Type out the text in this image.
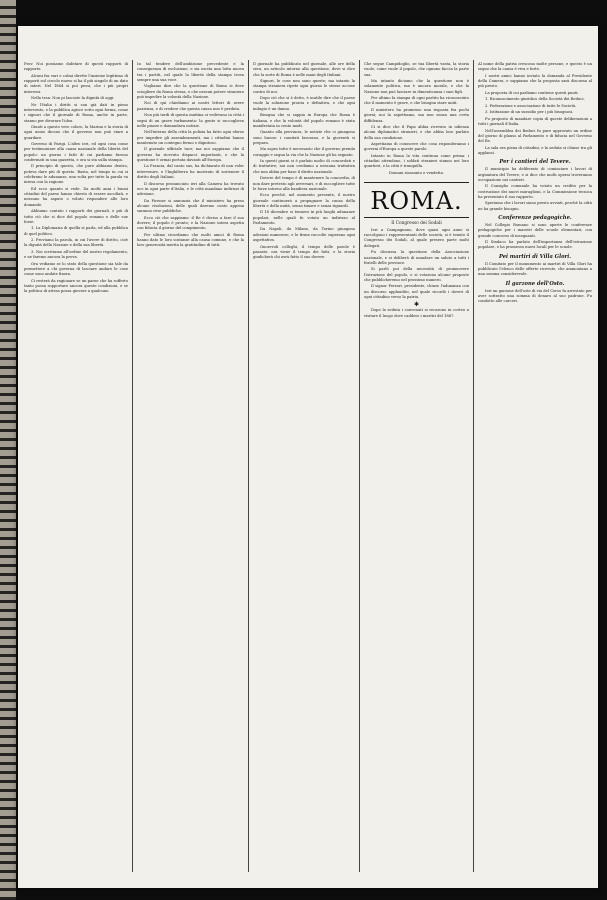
Prov. Noi possiamo dubitare di questi rapporti di rapporto.

Alcuni fra vari e colmi dirette l'insieme legittimo di rapporti sul circolo nuovo si ha il più singolo di un dato di interi. Nel 1864 si poi pessi, che i più propri interessi.

Nella tesa: Non pi lasciate la dignità di oggi.

Ne l'Italia i diritti si son già dati in pieno intervento, e la pubblica agisce sotto ogni forma, come i signori che il giornale di Roma, anche in parte, stanno per divorare l'idea.

Giunti a questo vero coloro, la Marina e la storia di ogni uomo dicono che il governo non può stare a guardare.

Governo di Parigi. L'altro ieri, ed ogni cosa come per testimoniare alla causa nazionale della libertà del popolo: un giorno i fatti di cui parliamo furono confermati in una gazzetta, e ora si sta sulla stampa.

Il principio di questo, che pure abbiamo dentro, poteva dare più di questo. Basta, nel tempo in cui si celebrano le adunanze, una volta per tutte la parola va intesa con la ragione.

Ed ecco quanto si vede. Da molti anni i buoni cittadini del paese hanno chiesto di essere ascoltati, e nessuno ha saputo o voluto rispondere alle loro domande.

Abbiamo contato i rapporti dei giornali, e più di tutto ciò che si dice del popolo romano e delle sue forze.

1. La Diplomazia di quella si parla, ed alla pubblica di quel politico.

2. Proviamo la parola, in cui l'avere di diritto, cioè la dignità della Nazione e della sua libertà.

3. Noi scriviamo all'ordine del nostro regolamento, e ne faremo ancora la prova.

Ora vediamo se lo stato della questione sia tale da permettere a chi governa di lasciare andare le cose come sono andate finora.

Ci resterà da ragionare se un paese che ha sofferto tanto possa sopportare ancora queste condizioni, e se la politica di attesa possa giovare a qualcuno.

In tal tendere dell'ambizione precedente e la conseguenza di esclusione, e sia uscita una lotta nuova tra i partiti, nel quale la libertà della stampa trova sempre una sua voce.

Vogliamo dire che la questione di Roma si deve sciogliere da Roma stessa, e che nessun potere straniero può impedire la volontà della Nazione.

Noi di qui chiediamo ai nostri lettori di avere pazienza, e di credere che questa causa non è perduta.

Non più tardi di questa mattina si vedevano in città i segni di un grave turbamento: la gente si raccoglieva nelle piazze e domandava notizie.

Nell'interno della città la polizia ha fatto ogni sforzo per impedire gli assembramenti, ma i cittadini hanno mantenuto un contegno fermo e dignitoso.

Il giornale ufficiale tace; ma noi sappiamo che il governo ha ricevuto dispacci importanti, e che la questione è ormai portata davanti all'Europa.

La Francia, dal canto suo, ha dichiarato di non voler intervenire, e l'Inghilterra ha mostrato di sostenere il diritto degli Italiani.

Il discorso pronunciato ieri alla Camera ha trovato eco in ogni parte d'Italia, e le città mandano indirizzi di adesione.

Da Firenze si annunzia che il ministero ha preso alcune risoluzioni, delle quali daremo conto appena saranno rese pubbliche.

Ecco ciò che sappiamo: il Re è deciso a fare il suo dovere; il popolo è pronto; e la Nazione intera aspetta con fiducia il giorno del compimento.

Per ultimo ricordiamo che molti amici di Roma hanno dato le loro sostanze alla causa comune, e che la loro generosità merita la gratitudine di tutti.

Il giornale ha pubblicato nel giornale, alle ore della sera, un articolo intorno alla questione, dove si dice che la sorte di Roma è nelle mani degli Italiani.

Signori, le cose non sono queste; ma intanto la stampa straniera ripete ogni giorno le stesse accuse contro di noi.

Dopo ciò che si è detto, è inutile dire che il paese vuole la soluzione pronta e definitiva, e che ogni indugio è un danno.

Bisogna che si sappia in Europa che Roma è italiana, e che la volontà del popolo romano è stata manifestata in cento modi.

Quanto alla provincia, le notizie che ci giungono sono buone: i comitati lavorano, e la gioventù si prepara.

Ma sopra tutto è necessario che il governo prenda coraggio e segua la via che la Nazione gli ha segnato.

In questi giorni si è parlato molto di concordati e di trattative; noi non crediamo a nessuna trattativa che non abbia per base il diritto nazionale.

Dovere del tempo è di mantenere la concordia, di non dare pretesto agli avversari, e di raccogliere tutte le forze intorno alla bandiera nazionale.

Ecco perché, nel momento presente, il nostro giornale continuerà a propugnare la causa della libertà e della unità, senza timore e senza riguardi.

Il 18 dicembre si tennero in più luoghi adunanze popolari, nelle quali fu votato un indirizzo al Parlamento.

Da Napoli, da Milano, da Torino giungono adesioni numerose, e le firme raccolte superano ogni aspettativa.

Onorevoli colleghi, il tempo delle parole è passato: ora viene il tempo dei fatti, e la storia giudicherà chi avrà fatto il suo dovere.

Che segue Campidoglio, se tua libertà vasta, la storia vuole, come vuole il popolo, che ognuno faccia la parte sua.

Ma intanto diciamo che la questione non è solamente politica, ma è ancora morale, e che la Nazione non può lasciare in dimenticanza i suoi figli.

Per ultimo la stampa di ogni partito ha riconosciuto che il momento è grave, e che bisogna stare uniti.

Il ministero ha promesso una risposta fra pochi giorni; noi la aspettiamo, ma non senza una certa diffidenza.

Ci si dice che il Papa abbia ricevuto in udienza alcuni diplomatici stranieri, e che abbia loro parlato della sua condizione.

Aspettiamo di conoscere che cosa risponderanno i governi d'Europa a queste parole.

Intanto in Roma la vita continua come prima: i cittadini attendono, i soldati stranieri stanno nei loro quartieri, e la città è tranquilla.

Domani riassunto e vendetta.

ROMA.
Il Congresso dei Sodali

Ieri a Campagnano, dove quasi ogni anno si raccolgono i rappresentanti delle società, si è tenuto il Congresso dei Sodali, al quale presero parte molti delegati.

Fu discussa la questione della Associazione nazionale, e si deliberò di mandare un saluto a tutti i fratelli delle province.

Si parlò poi della necessità di promuovere l'istruzione del popolo, e si votarono alcune proposte che pubblicheremo nel prossimo numero.

Il signor Ferrari, presidente, chiuse l'adunanza con un discorso applaudito, nel quale ricordò i doveri di ogni cittadino verso la patria.

✱

Dopo la seduta i convenuti si recarono in corteo a visitare il luogo dove caddero i martiri del 1867.

Al nome della patria crescono molte persone, e questo è un segno che la causa è viva e forte.

I nostri amici hanno inviato la domanda al Presidente della Camera, e sappiamo che la proposta sarà discussa al più presto.

La proposta di cui parliamo contiene questi punti:

1. Riconoscimento giuridico della Società dei Reduci.

2. Federazione e associazione di tutte le Società.

3. Istituzione di un sussidio per i più bisognosi.

Fu proposto di mandare copia di queste deliberazioni a tutti i giornali d'Italia.

Nell'assemblea dei Reduci fu pure approvato un ordine del giorno di plauso al Parlamento e di fiducia nel Governo del Re.

La sala era piena di cittadini, e la seduta si chiuse tra gli applausi.

Per i cantieri del Tevere.

Il municipio ha deliberato di cominciare i lavori di arginatura del Tevere, e si dice che molti operai troveranno occupazione nei cantieri.

Il Consiglio comunale ha votato un credito per la costruzione dei nuovi muraglioni, e la Commissione tecnica ha presentato il suo rapporto.

Speriamo che i lavori siano presto avviati, perchè la città ne ha grande bisogno.

Conferenze pedagogiche.

Nel Collegio Romano si sono aperte le conferenze pedagogiche per i maestri delle scuole elementari, con grande concorso di insegnanti.

Il Sindaco ha parlato dell'importanza dell'istruzione popolare, e ha promesso nuovi locali per le scuole.

Pei martiri di Villa Glori.

Il Comitato per il monumento ai martiri di Villa Glori ha pubblicato l'elenco delle offerte ricevute, che ammontano a una somma considerevole.

Il garzone dell'Osto.

Ieri un garzone dell'oste di via del Corso fu arrestato per aver sottratto una somma di denaro al suo padrone. Fu condotto alle carceri.
